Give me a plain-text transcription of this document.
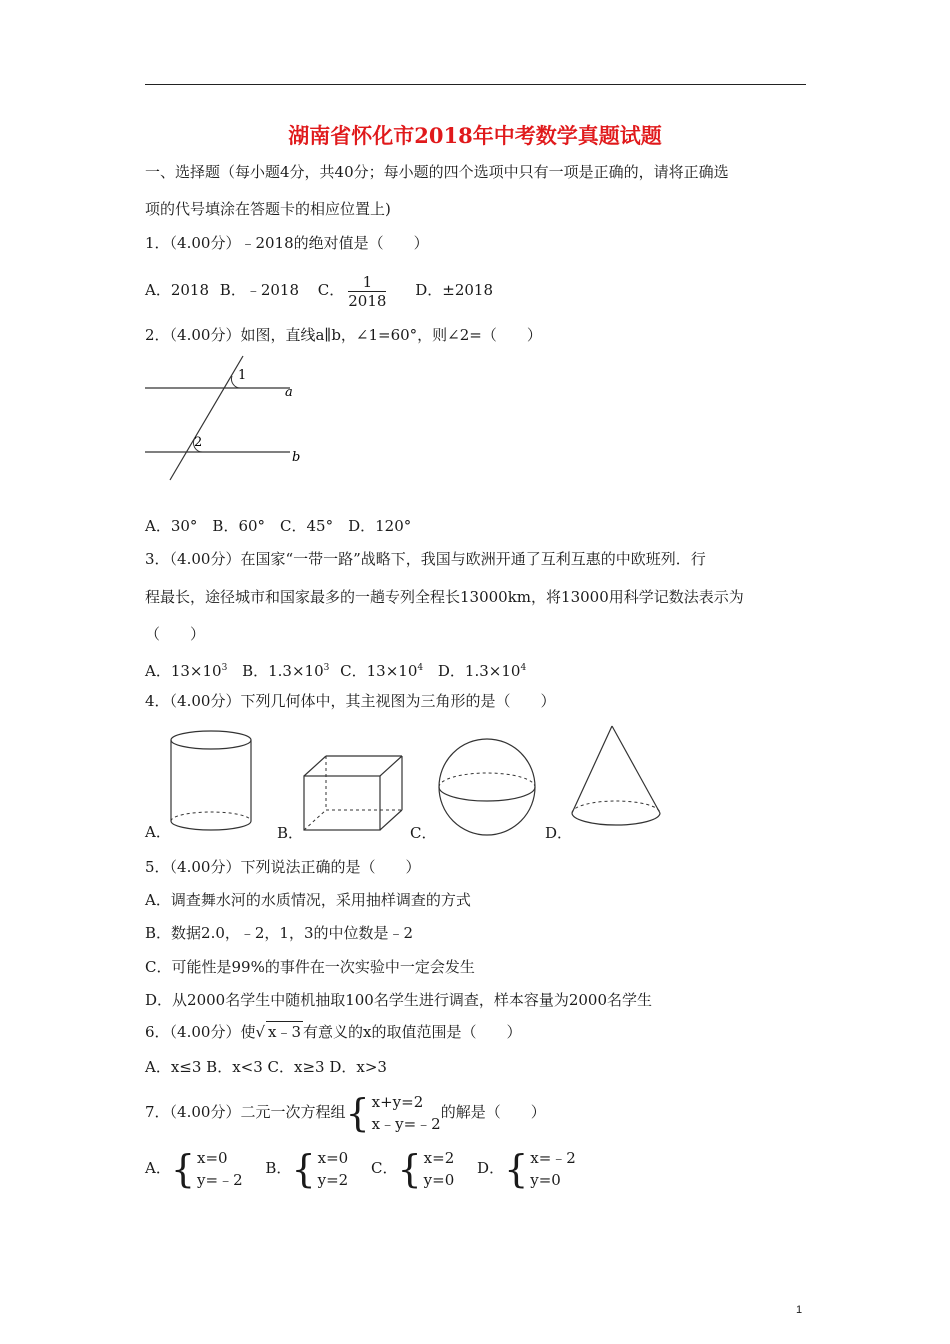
湖南省怀化市2018年中考数学真题试题
一、选择题（每小题4分，共40分；每小题的四个选项中只有一项是正确的，请将正确选
项的代号填涂在答题卡的相应位置上)
1．（4.00分）﹣2018的绝对值是（　　）
A．2018 B．﹣2018 C． $\frac{1}{2018}$ D．±2018
2．（4.00分）如图，直线a∥b，∠1=60°，则∠2=（　　）
1
2
a
b
A．30°　B．60°　C．45°　D．120°
3．（4.00分）在国家“一带一路”战略下，我国与欧洲开通了互利互惠的中欧班列．行
程最长，途径城市和国家最多的一趟专列全程长13000km，将13000用科学记数法表示为
（　　）
A．$13\times 10^3$ B．$1.3\times 10^3$ C．$13\times 10^4$ D．$1.3\times 10^4$
4．（4.00分）下列几何体中，其主视图为三角形的是（　　）
A．	B．	C．	D．
5．（4.00分）下列说法正确的是（　　）
A．调查舞水河的水质情况，采用抽样调查的方式
B．数据2.0，﹣2，1，3的中位数是﹣2
C．可能性是99%的事件在一次实验中一定会发生
D．从2000名学生中随机抽取100名学生进行调查，样本容量为2000名学生
6．（4.00分）使√ x﹣3 有意义的x的取值范围是（　　）
A．x≤3 B．x<3 C．x≥3 D．x>3
7．（4.00分）二元一次方程组{ x+y=2
x﹣y=﹣2
的解是（　　）
A．{ x=0
y=﹣2
B．{ x=0
y=2
C．{ x=2
y=0
D．{ x=﹣2
y=0
1
